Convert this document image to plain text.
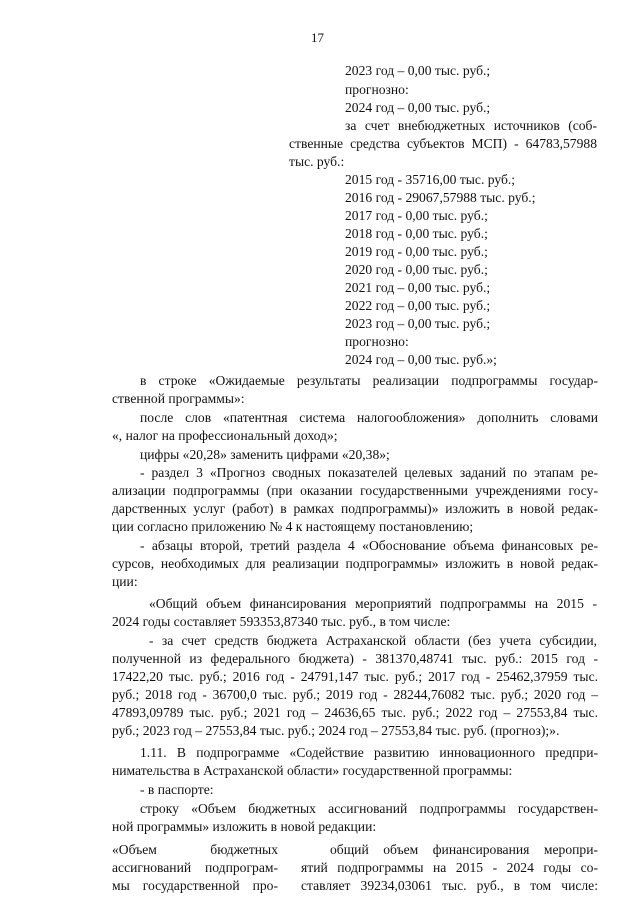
17
2023 год – 0,00 тыс. руб.;
прогнозно:
2024 год – 0,00 тыс. руб.;
за счет внебюджетных источников (соб-
ственные средства субъектов МСП) - 64783,57988
тыс. руб.:
2015 год - 35716,00 тыс. руб.;
2016 год - 29067,57988 тыс. руб.;
2017 год - 0,00 тыс. руб.;
2018 год - 0,00 тыс. руб.;
2019 год - 0,00 тыс. руб.;
2020 год - 0,00 тыс. руб.;
2021 год – 0,00 тыс. руб.;
2022 год – 0,00 тыс. руб.;
2023 год – 0,00 тыс. руб.;
прогнозно:
2024 год – 0,00 тыс. руб.»;
в строке «Ожидаемые результаты реализации подпрограммы государ-
ственной программы»:
после слов «патентная система налогообложения» дополнить словами
«, налог на профессиональный доход»;
цифры «20,28» заменить цифрами «20,38»;
- раздел 3 «Прогноз сводных показателей целевых заданий по этапам ре-
ализации подпрограммы (при оказании государственными учреждениями госу-
дарственных услуг (работ) в рамках подпрограммы)» изложить в новой редак-
ции согласно приложению № 4 к настоящему постановлению;
- абзацы второй, третий раздела 4 «Обоснование объема финансовых ре-
сурсов, необходимых для реализации подпрограммы» изложить в новой редак-
ции:
«Общий объем финансирования мероприятий подпрограммы на 2015 -
2024 годы составляет 593353,87340 тыс. руб., в том числе:
- за счет средств бюджета Астраханской области (без учета субсидии,
полученной из федерального бюджета) - 381370,48741 тыс. руб.: 2015 год -
17422,20 тыс. руб.; 2016 год - 24791,147 тыс. руб.; 2017 год - 25462,37959 тыс.
руб.; 2018 год - 36700,0 тыс. руб.; 2019 год - 28244,76082 тыс. руб.; 2020 год –
47893,09789 тыс. руб.; 2021 год – 24636,65 тыс. руб.; 2022 год – 27553,84 тыс.
руб.; 2023 год – 27553,84 тыс. руб.; 2024 год – 27553,84 тыс. руб. (прогноз);».
1.11. В подпрограмме «Содействие развитию инновационного предпри-
нимательства в Астраханской области» государственной программы:
- в паспорте:
строку «Объем бюджетных ассигнований подпрограммы государствен-
ной программы» изложить в новой редакции:
«Объем бюджетных
ассигнований подпрограм-
мы государственной про-
общий объем финансирования меропри-
ятий подпрограммы на 2015 - 2024 годы со-
ставляет 39234,03061 тыс. руб., в том числе:
